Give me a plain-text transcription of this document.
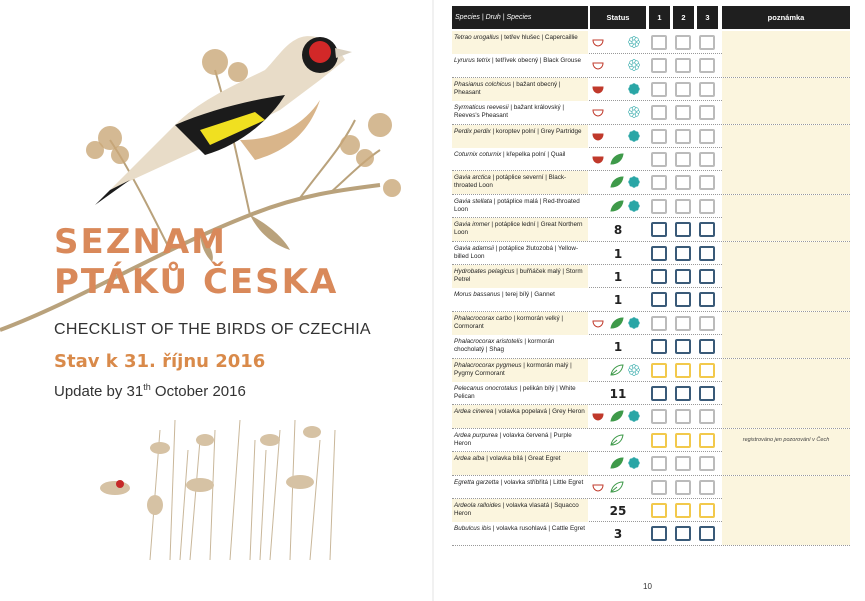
SEZNAM
PTÁKŮ ČESKA
CHECKLIST OF THE BIRDS OF CZECHIA
Stav k 31. říjnu 2016
Update by 31th October 2016
Species | Druh | Species	Status	1	2	3	poznámka
Tetrao urogallus | tetřev hlušec | Capercaillie
Lyrurus tetrix | tetřívek obecný | Black Grouse
Phasianus colchicus | bažant obecný | Pheasant
Syrmaticus reevesii | bažant královský | Reeves's Pheasant
Perdix perdix | koroptev polní | Grey Partridge
Coturnix coturnix | křepelka polní | Quail
Gavia arctica | potáplice severní | Black-throated Loon
Gavia stellata | potáplice malá | Red-throated Loon
Gavia immer | potáplice lední | Great Northern Loon	8
Gavia adamsii | potáplice žlutozobá | Yellow-billed Loon	1
Hydrobates pelagicus | buřňáček malý | Storm Petrel	1
Morus bassanus | terej bílý | Gannet	1
Phalacrocorax carbo | kormorán velký | Cormorant
Phalacrocorax aristotelis | kormorán chocholatý | Shag	1
Phalacrocorax pygmeus | kormorán malý | Pygmy Cormorant
Pelecanus onocrotalus | pelikán bílý | White Pelican	11
Ardea cinerea | volavka popelavá | Grey Heron
Ardea purpurea | volavka červená | Purple Heron	registrováno jen pozorování v Čech
Ardea alba | volavka bílá | Great Egret
Egretta garzetta | volavka stříbřitá | Little Egret
Ardeola ralloides | volavka vlasatá | Squacco Heron	25
Bubulcus ibis | volavka rusohlavá | Cattle Egret	3
10
